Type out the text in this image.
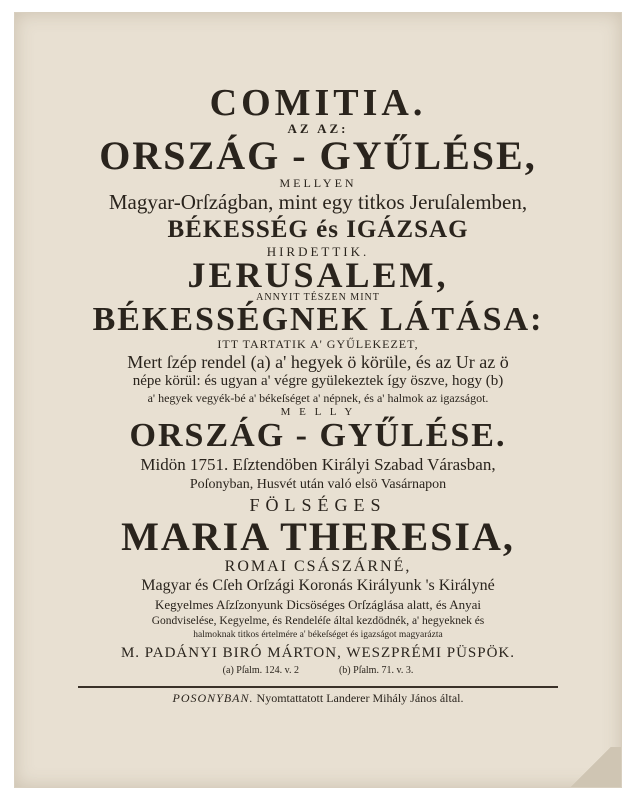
COMITIA.
AZ AZ:
ORSZÁG - GYŰLÉSE,
MELLYEN
Magyar-Orſzágban, mint egy titkos Jeruſalemben,
BÉKESSÉG és IGÁZSAG
HIRDETTIK.
JERUSALEM,
ANNYIT TÉSZEN MINT
BÉKESSÉGNEK LÁTÁSA:
ITT TARTATIK A' GYŰLEKEZET,
Mert ſzép rendel (a) a' hegyek ö körüle, és az Ur az ö
népe körül: és ugyan a' végre gyülekeztek így öszve, hogy (b)
a' hegyek vegyék-bé a' békeſséget a' népnek, és a' halmok az igazságot.
M E L L Y
ORSZÁG - GYŰLÉSE.
Midön 1751. Eſztendöben Királyi Szabad Várasban,
Poſonyban, Husvét után való elsö Vasárnapon
FÖLSÉGES
MARIA THERESIA,
ROMAI CSÁSZÁRNÉ,
Magyar és Cſeh Orſzági Koronás Királyunk 's Királyné
Kegyelmes Aſzſzonyunk Dicsöséges Orſzáglása alatt, és Anyai
Gondviselése, Kegyelme, és Rendeléſe által kezdödnék, a' hegyeknek és
halmoknak titkos értelmére a' békeſséget és igazságot magyarázta
M. PADÁNYI BIRÓ MÁRTON, WESZPRÉMI PÜSPÖK.
(a) Pſalm. 124. v. 2	(b) Pſalm. 71. v. 3.
POSONYBAN. Nyomtattatott Landerer Mihály János által.
